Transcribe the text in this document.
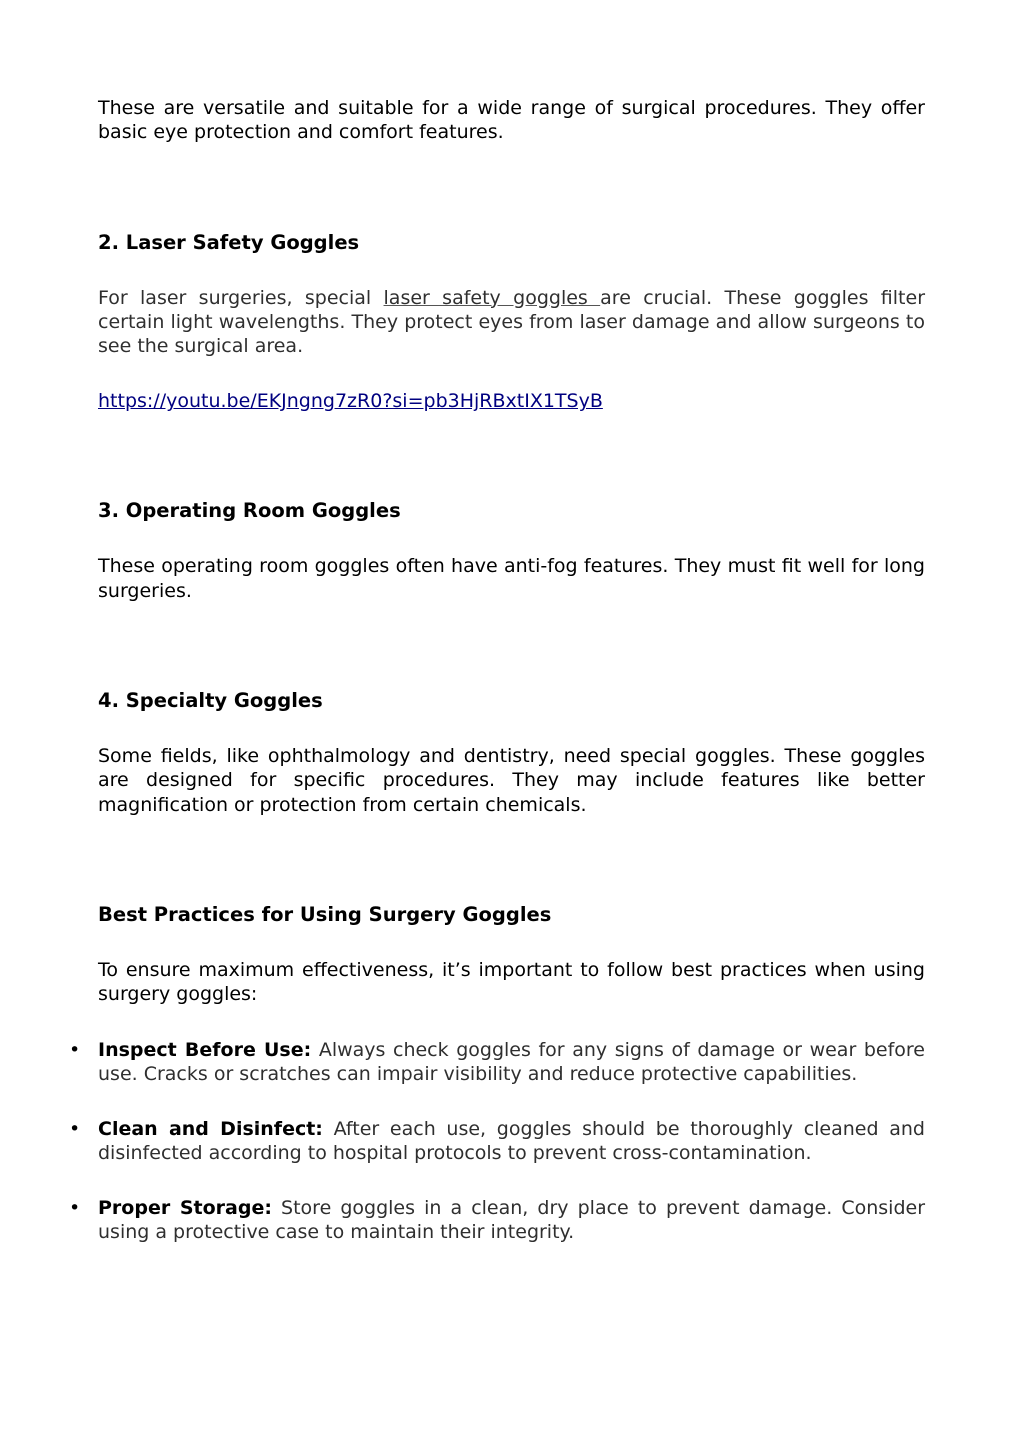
These are versatile and suitable for a wide range of surgical procedures. They offer basic eye protection and comfort features.

2. Laser Safety Goggles

For laser surgeries, special laser safety goggles are crucial. These goggles filter certain light wavelengths. They protect eyes from laser damage and allow surgeons to see the surgical area.

https://youtu.be/EKJngng7zR0?si=pb3HjRBxtIX1TSyB
3. Operating Room Goggles

These operating room goggles often have anti-fog features. They must fit well for long surgeries.

4. Specialty Goggles

Some fields, like ophthalmology and dentistry, need special goggles. These goggles are designed for specific procedures. They may include features like better magnification or protection from certain chemicals.

Best Practices for Using Surgery Goggles

To ensure maximum effectiveness, it’s important to follow best practices when using surgery goggles:

• Inspect Before Use: Always check goggles for any signs of damage or wear before use. Cracks or scratches can impair visibility and reduce protective capabilities.
• Clean and Disinfect: After each use, goggles should be thoroughly cleaned and disinfected according to hospital protocols to prevent cross-contamination.
• Proper Storage: Store goggles in a clean, dry place to prevent damage. Consider using a protective case to maintain their integrity.
